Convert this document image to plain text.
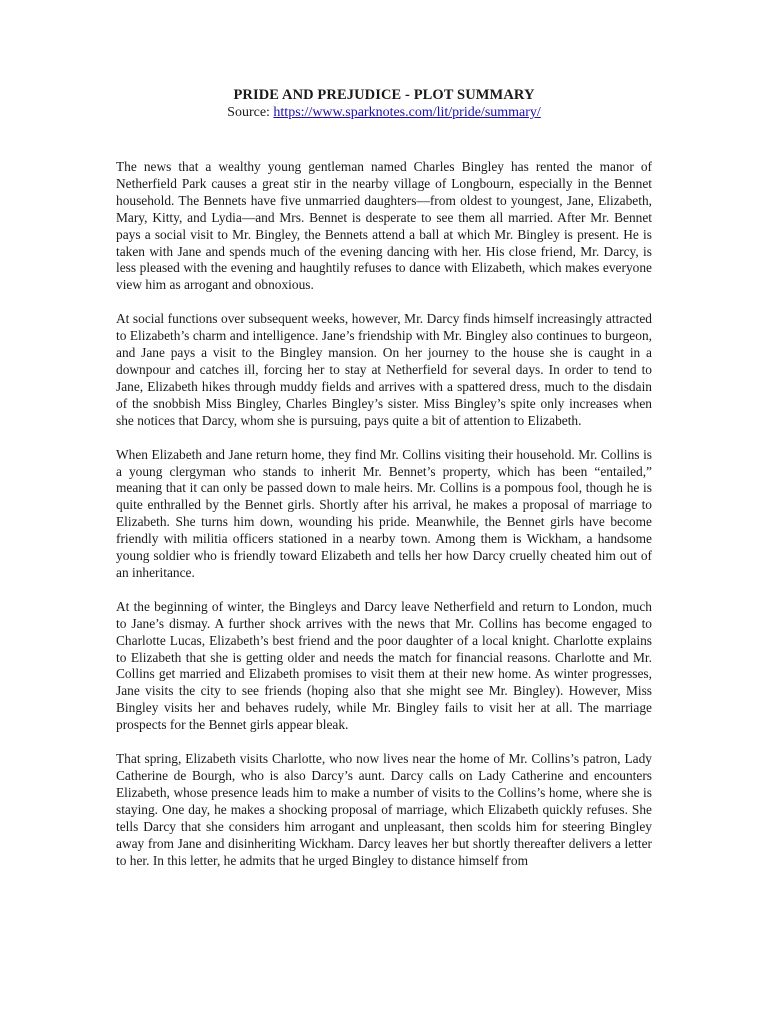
PRIDE AND PREJUDICE - PLOT SUMMARY

Source: https://www.sparknotes.com/lit/pride/summary/

The news that a wealthy young gentleman named Charles Bingley has rented the manor of Netherfield Park causes a great stir in the nearby village of Longbourn, especially in the Bennet household. The Bennets have five unmarried daughters—from oldest to youngest, Jane, Elizabeth, Mary, Kitty, and Lydia—and Mrs. Bennet is desperate to see them all married. After Mr. Bennet pays a social visit to Mr. Bingley, the Bennets attend a ball at which Mr. Bingley is present. He is taken with Jane and spends much of the evening dancing with her. His close friend, Mr. Darcy, is less pleased with the evening and haughtily refuses to dance with Elizabeth, which makes everyone view him as arrogant and obnoxious.

At social functions over subsequent weeks, however, Mr. Darcy finds himself increasingly attracted to Elizabeth’s charm and intelligence. Jane’s friendship with Mr. Bingley also continues to burgeon, and Jane pays a visit to the Bingley mansion. On her journey to the house she is caught in a downpour and catches ill, forcing her to stay at Netherfield for several days. In order to tend to Jane, Elizabeth hikes through muddy fields and arrives with a spattered dress, much to the disdain of the snobbish Miss Bingley, Charles Bingley’s sister. Miss Bingley’s spite only increases when she notices that Darcy, whom she is pursuing, pays quite a bit of attention to Elizabeth.

When Elizabeth and Jane return home, they find Mr. Collins visiting their household. Mr. Collins is a young clergyman who stands to inherit Mr. Bennet’s property, which has been “entailed,” meaning that it can only be passed down to male heirs. Mr. Collins is a pompous fool, though he is quite enthralled by the Bennet girls. Shortly after his arrival, he makes a proposal of marriage to Elizabeth. She turns him down, wounding his pride. Meanwhile, the Bennet girls have become friendly with militia officers stationed in a nearby town. Among them is Wickham, a handsome young soldier who is friendly toward Elizabeth and tells her how Darcy cruelly cheated him out of an inheritance.

At the beginning of winter, the Bingleys and Darcy leave Netherfield and return to London, much to Jane’s dismay. A further shock arrives with the news that Mr. Collins has become engaged to Charlotte Lucas, Elizabeth’s best friend and the poor daughter of a local knight. Charlotte explains to Elizabeth that she is getting older and needs the match for financial reasons. Charlotte and Mr. Collins get married and Elizabeth promises to visit them at their new home. As winter progresses, Jane visits the city to see friends (hoping also that she might see Mr. Bingley). However, Miss Bingley visits her and behaves rudely, while Mr. Bingley fails to visit her at all. The marriage prospects for the Bennet girls appear bleak.

That spring, Elizabeth visits Charlotte, who now lives near the home of Mr. Collins’s patron, Lady Catherine de Bourgh, who is also Darcy’s aunt. Darcy calls on Lady Catherine and encounters Elizabeth, whose presence leads him to make a number of visits to the Collins’s home, where she is staying. One day, he makes a shocking proposal of marriage, which Elizabeth quickly refuses. She tells Darcy that she considers him arrogant and unpleasant, then scolds him for steering Bingley away from Jane and disinheriting Wickham. Darcy leaves her but shortly thereafter delivers a letter to her. In this letter, he admits that he urged Bingley to distance himself from
